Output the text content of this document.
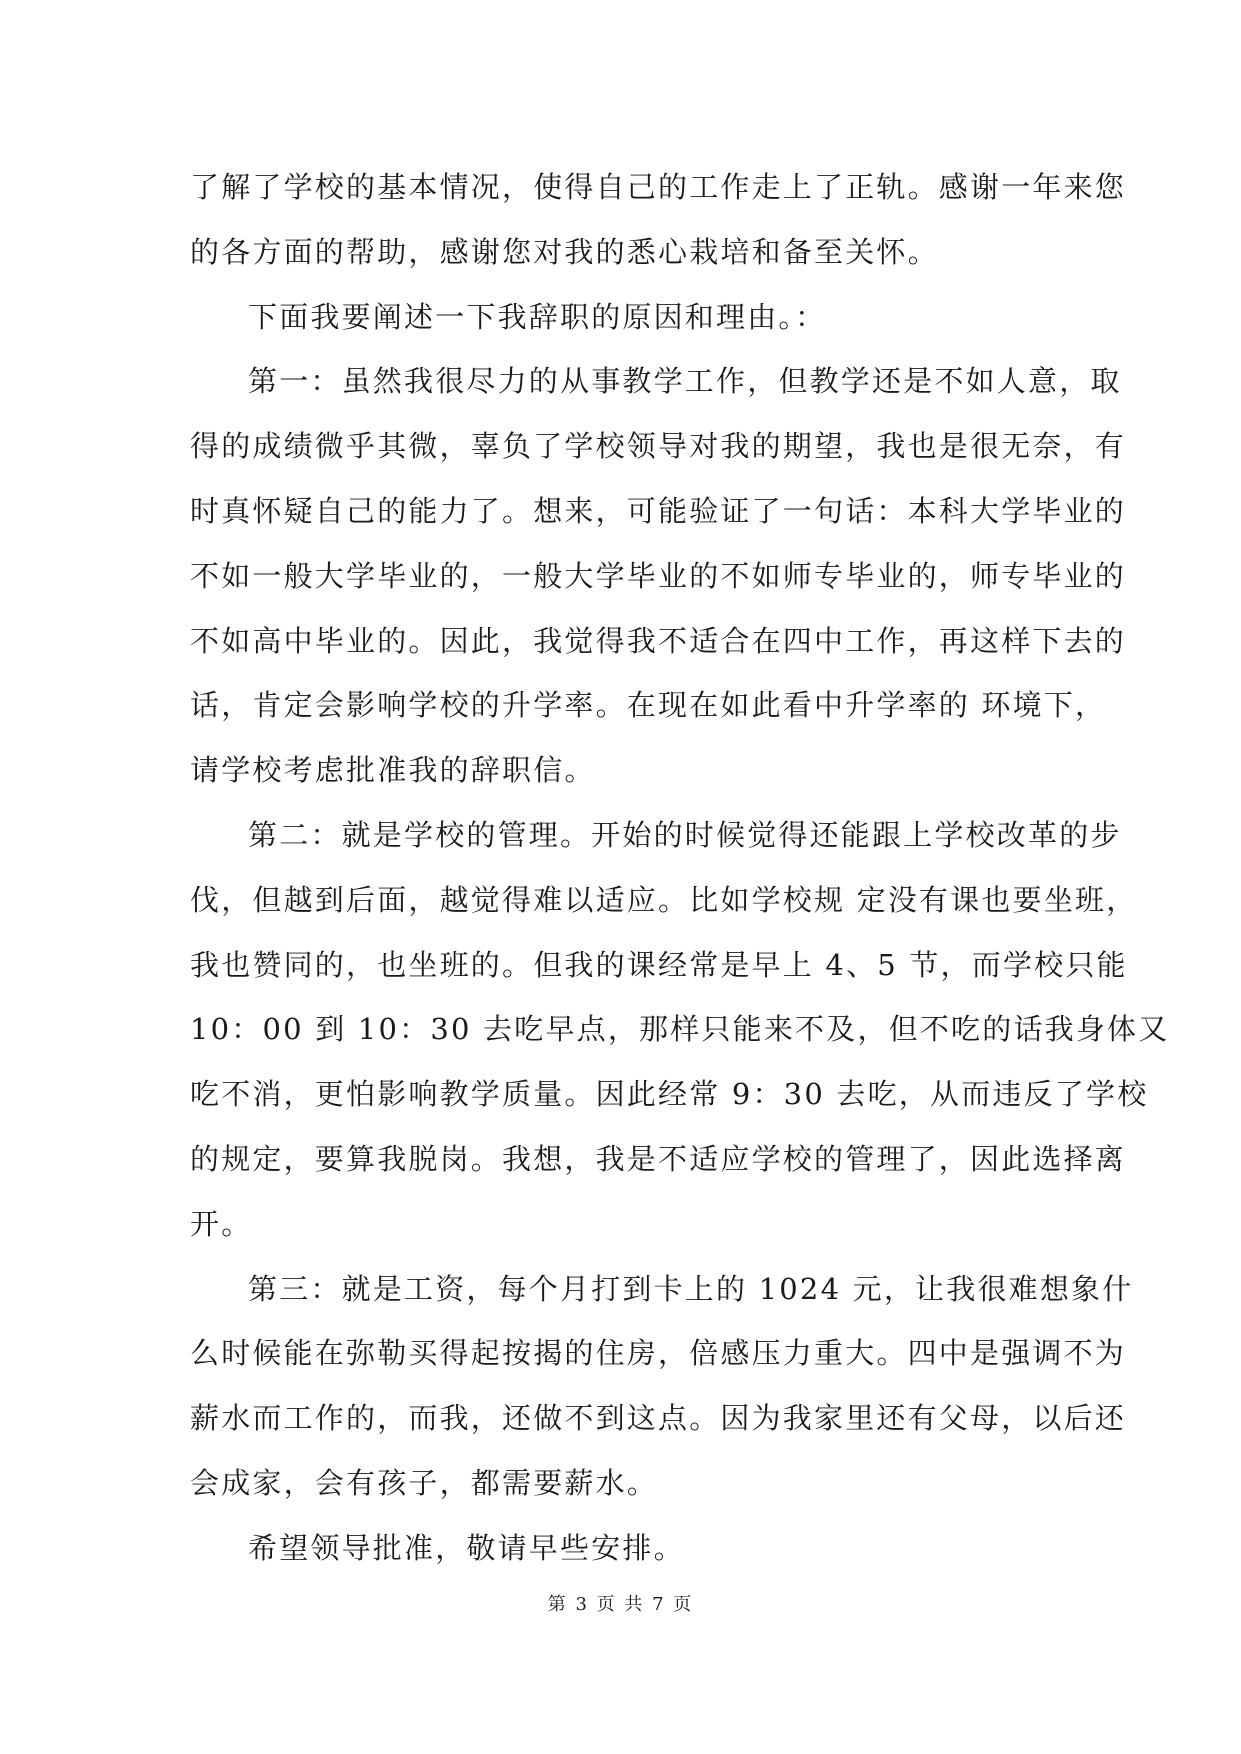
了解了学校的基本情况，使得自己的工作走上了正轨。感谢一年来您
的各方面的帮助，感谢您对我的悉心栽培和备至关怀。
下面我要阐述一下我辞职的原因和理由。：
第一：虽然我很尽力的从事教学工作，但教学还是不如人意，取
得的成绩微乎其微，辜负了学校领导对我的期望，我也是很无奈，有
时真怀疑自己的能力了。想来，可能验证了一句话：本科大学毕业的
不如一般大学毕业的，一般大学毕业的不如师专毕业的，师专毕业的
不如高中毕业的。因此，我觉得我不适合在四中工作，再这样下去的
话，肯定会影响学校的升学率。在现在如此看中升学率的 环境下，
请学校考虑批准我的辞职信。
第二：就是学校的管理。开始的时候觉得还能跟上学校改革的步
伐，但越到后面，越觉得难以适应。比如学校规 定没有课也要坐班，
我也赞同的，也坐班的。但我的课经常是早上 4、5 节，而学校只能
10：00 到 10：30 去吃早点，那样只能来不及，但不吃的话我身体又
吃不消，更怕影响教学质量。因此经常 9：30 去吃，从而违反了学校
的规定，要算我脱岗。我想，我是不适应学校的管理了，因此选择离
开。
第三：就是工资，每个月打到卡上的 1024 元，让我很难想象什
么时候能在弥勒买得起按揭的住房，倍感压力重大。四中是强调不为
薪水而工作的，而我，还做不到这点。因为我家里还有父母，以后还
会成家，会有孩子，都需要薪水。
希望领导批准，敬请早些安排。
第 3 页 共 7 页
